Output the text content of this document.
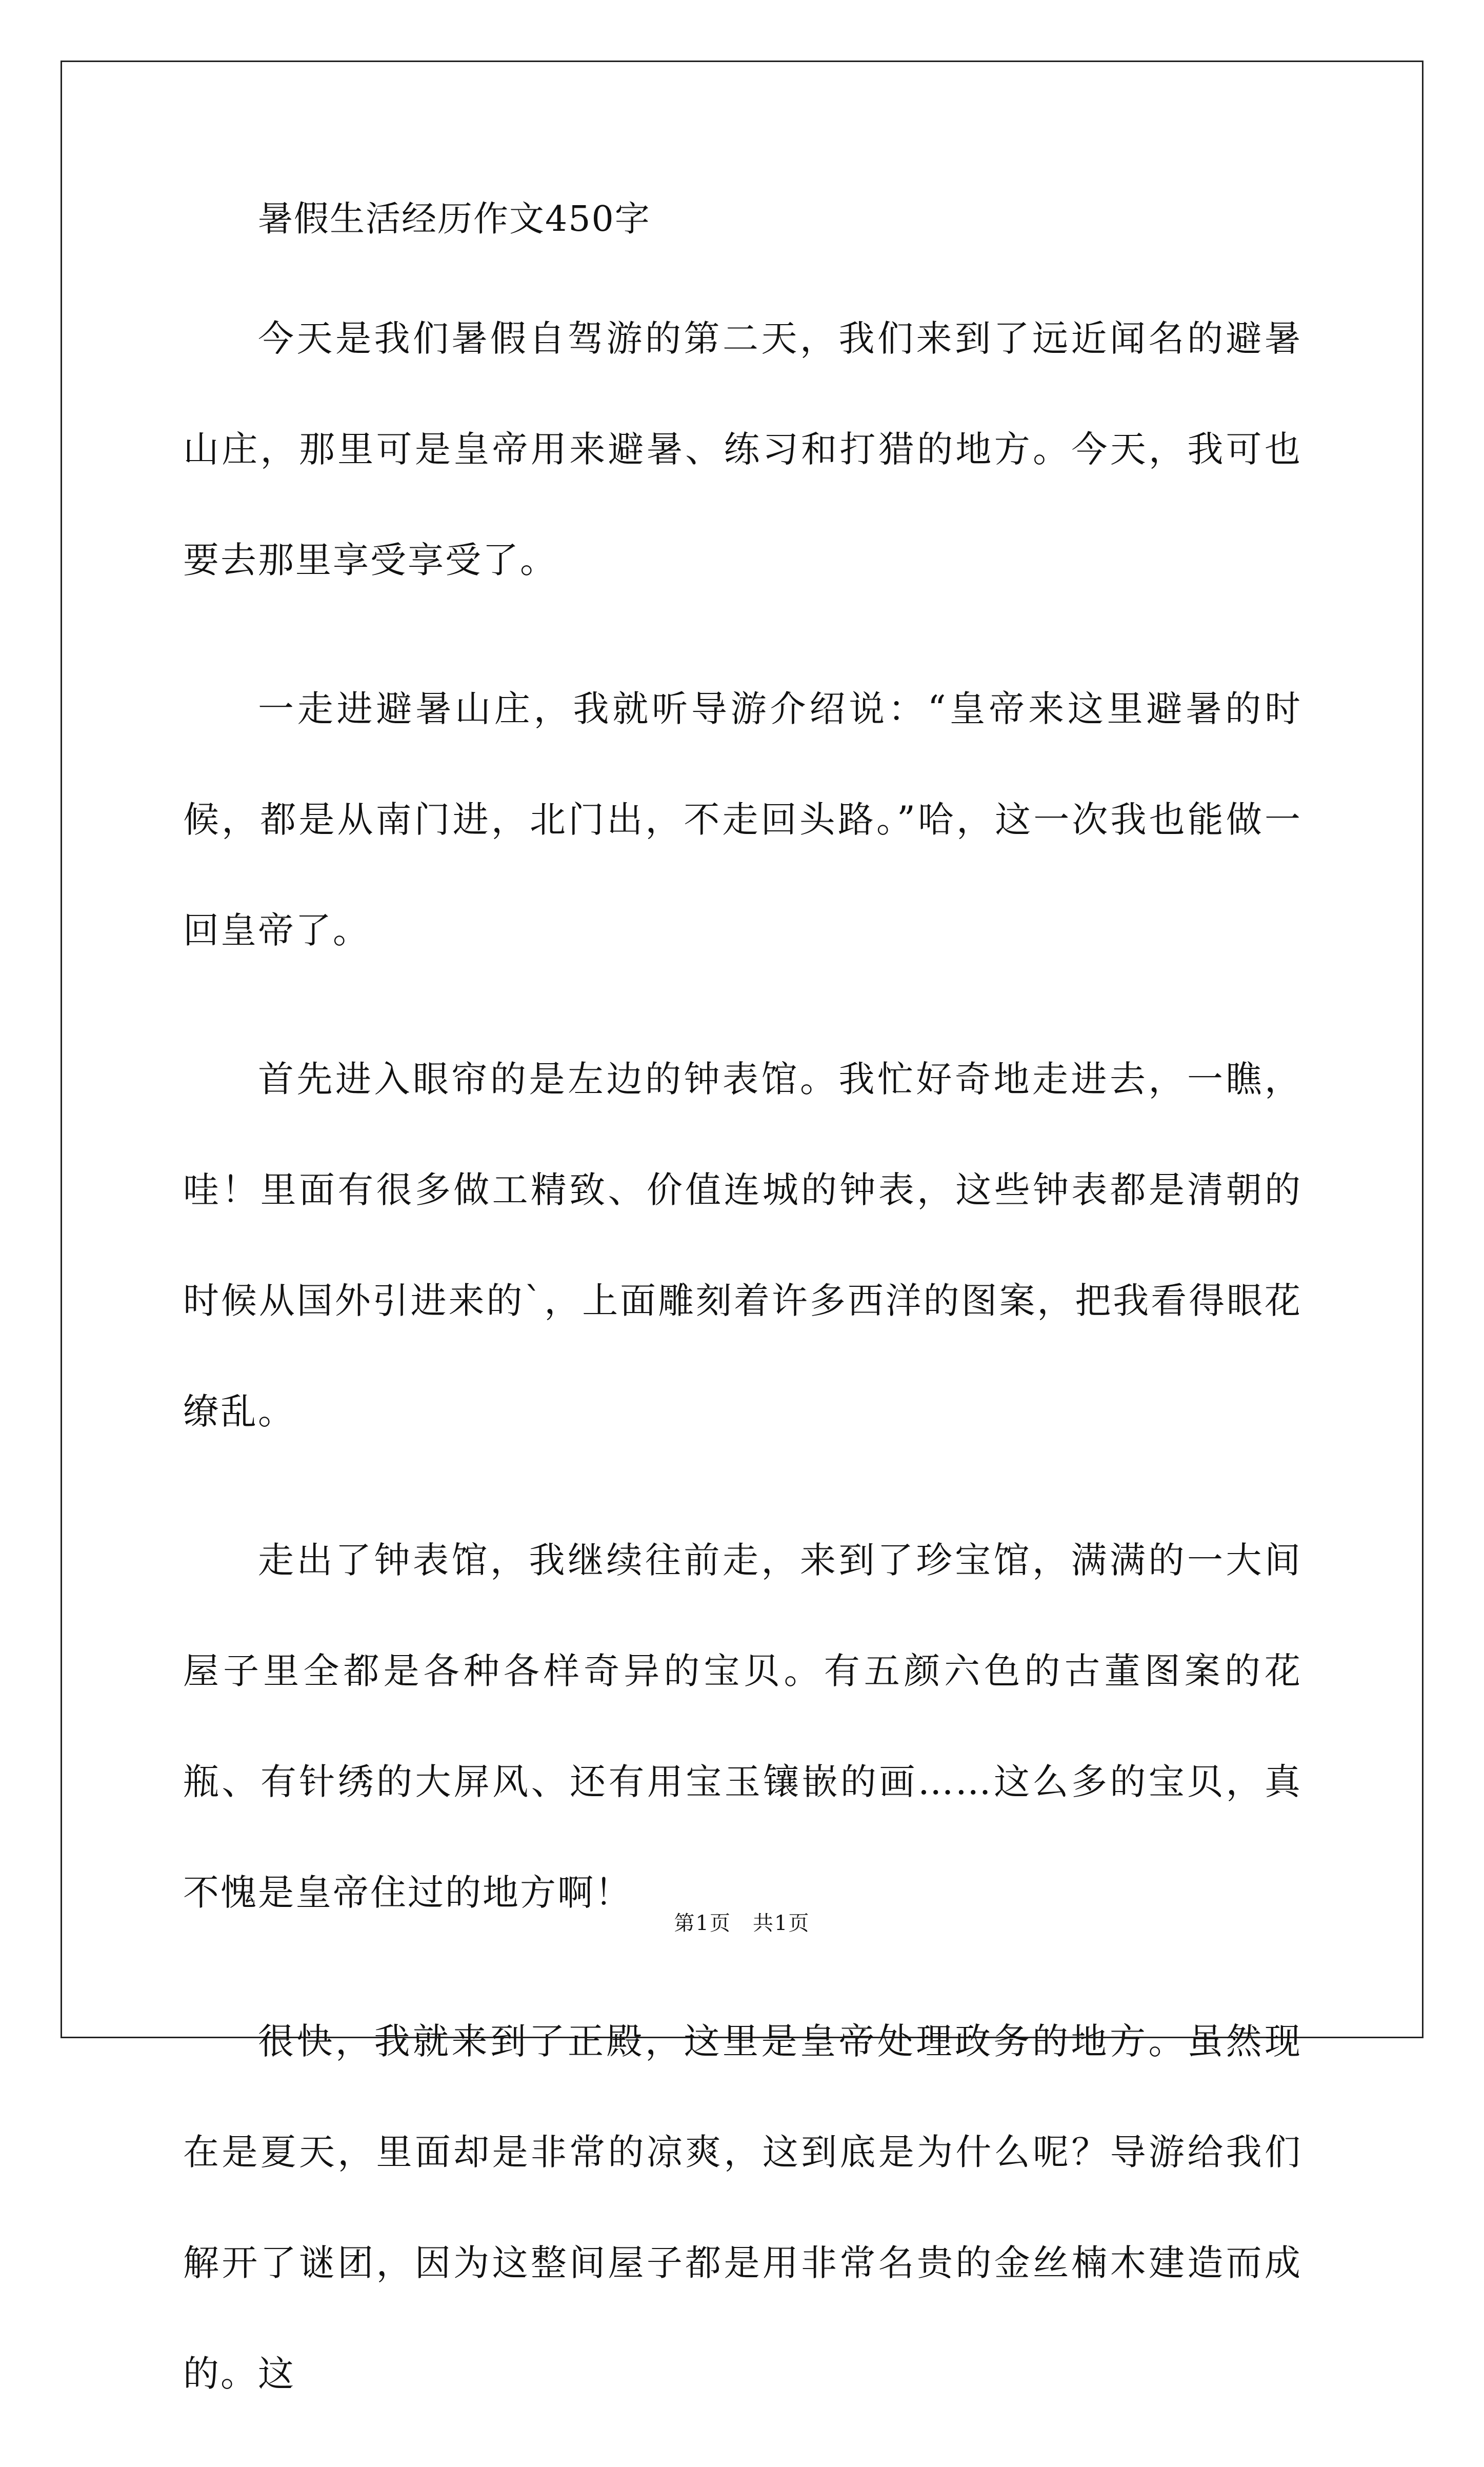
暑假生活经历作文450字

今天是我们暑假自驾游的第二天，我们来到了远近闻名的避暑山庄，那里可是皇帝用来避暑、练习和打猎的地方。今天，我可也要去那里享受享受了。

一走进避暑山庄，我就听导游介绍说：“皇帝来这里避暑的时候，都是从南门进，北门出，不走回头路。”哈，这一次我也能做一回皇帝了。

首先进入眼帘的是左边的钟表馆。我忙好奇地走进去，一瞧，哇！里面有很多做工精致、价值连城的钟表，这些钟表都是清朝的时候从国外引进来的`，上面雕刻着许多西洋的图案，把我看得眼花缭乱。

走出了钟表馆，我继续往前走，来到了珍宝馆，满满的一大间屋子里全都是各种各样奇异的宝贝。有五颜六色的古董图案的花瓶、有针绣的大屏风、还有用宝玉镶嵌的画……这么多的宝贝，真不愧是皇帝住过的地方啊！

很快，我就来到了正殿，这里是皇帝处理政务的地方。虽然现在是夏天，里面却是非常的凉爽，这到底是为什么呢？导游给我们解开了谜团，因为这整间屋子都是用非常名贵的金丝楠木建造而成的。这

第1页　共1页
